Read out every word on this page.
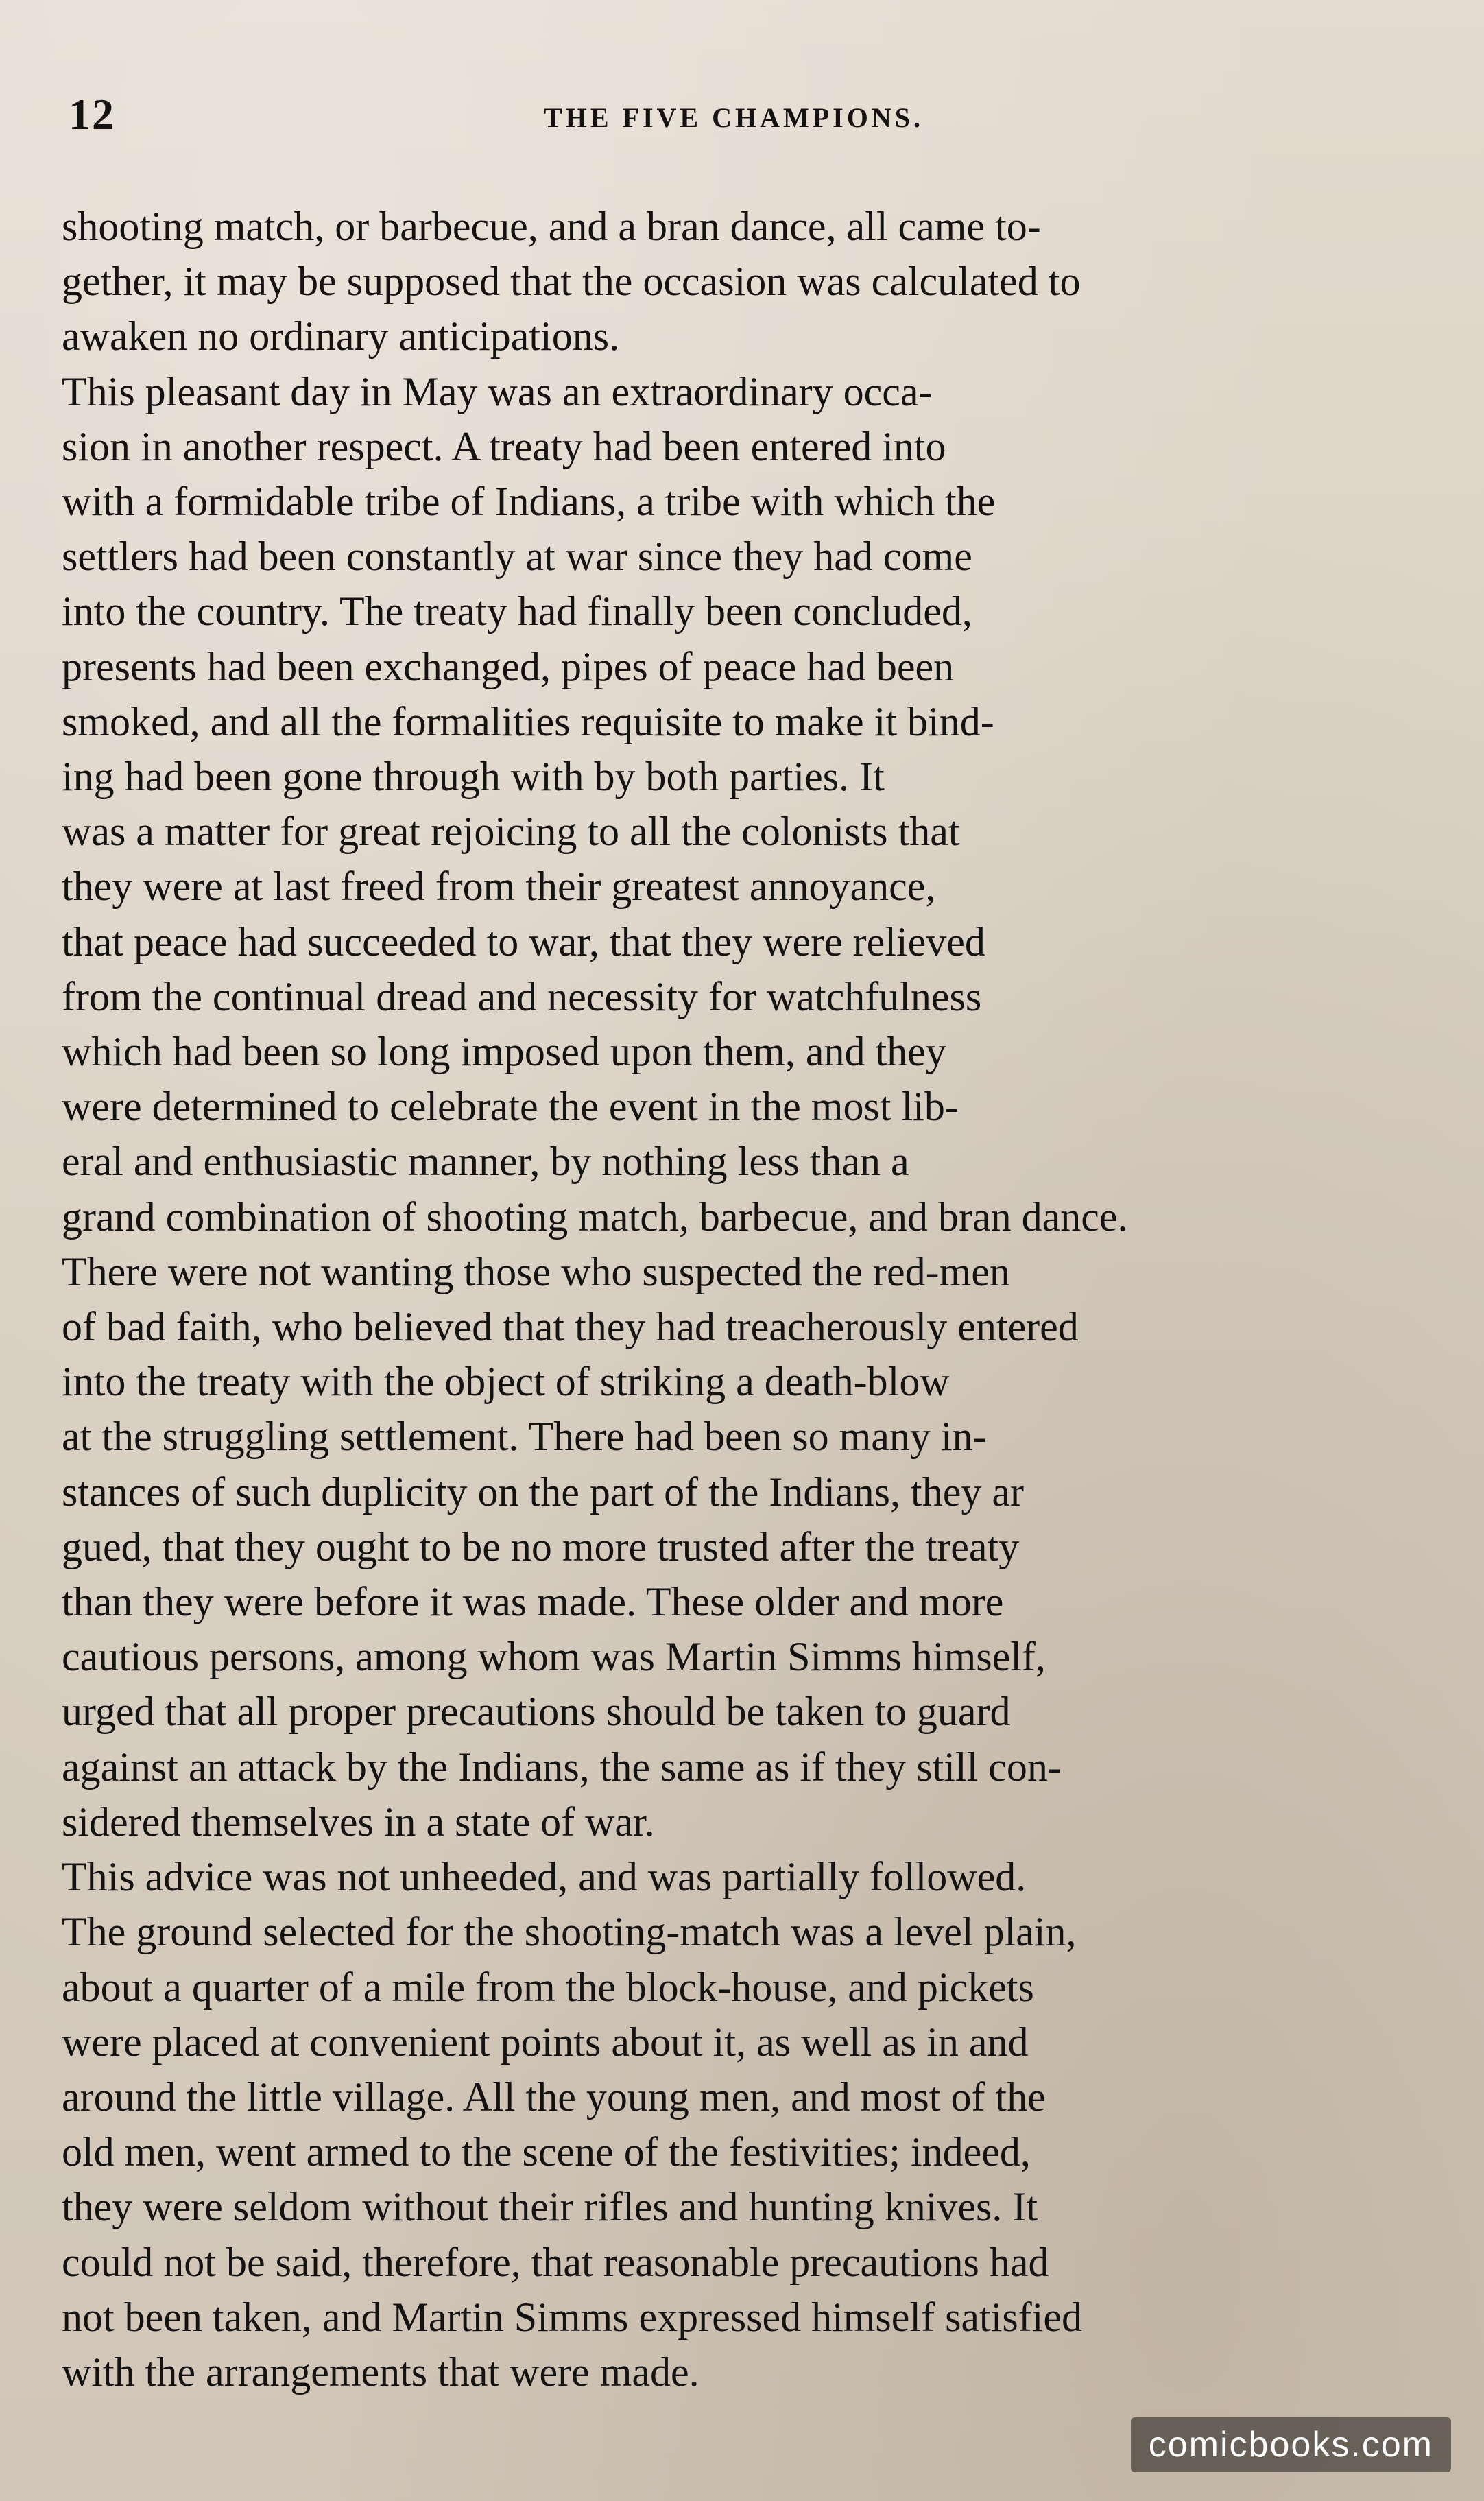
12	THE FIVE CHAMPIONS.

shooting match, or barbecue, and a bran dance, all came to-
gether, it may be supposed that the occasion was calculated to
awaken no ordinary anticipations.

This pleasant day in May was an extraordinary occa-
sion in another respect. A treaty had been entered into
with a formidable tribe of Indians, a tribe with which the
settlers had been constantly at war since they had come
into the country. The treaty had finally been concluded,
presents had been exchanged, pipes of peace had been
smoked, and all the formalities requisite to make it bind-
ing had been gone through with by both parties. It
was a matter for great rejoicing to all the colonists that
they were at last freed from their greatest annoyance,
that peace had succeeded to war, that they were relieved
from the continual dread and necessity for watchfulness
which had been so long imposed upon them, and they
were determined to celebrate the event in the most lib-
eral and enthusiastic manner, by nothing less than a
grand combination of shooting match, barbecue, and bran dance.

There were not wanting those who suspected the red-men
of bad faith, who believed that they had treacherously entered
into the treaty with the object of striking a death-blow
at the struggling settlement. There had been so many in-
stances of such duplicity on the part of the Indians, they ar
gued, that they ought to be no more trusted after the treaty
than they were before it was made. These older and more
cautious persons, among whom was Martin Simms himself,
urged that all proper precautions should be taken to guard
against an attack by the Indians, the same as if they still con-
sidered themselves in a state of war.

This advice was not unheeded, and was partially followed.
The ground selected for the shooting-match was a level plain,
about a quarter of a mile from the block-house, and pickets
were placed at convenient points about it, as well as in and
around the little village. All the young men, and most of the
old men, went armed to the scene of the festivities; indeed,
they were seldom without their rifles and hunting knives. It
could not be said, therefore, that reasonable precautions had
not been taken, and Martin Simms expressed himself satisfied
with the arrangements that were made.

comicbooks.com
